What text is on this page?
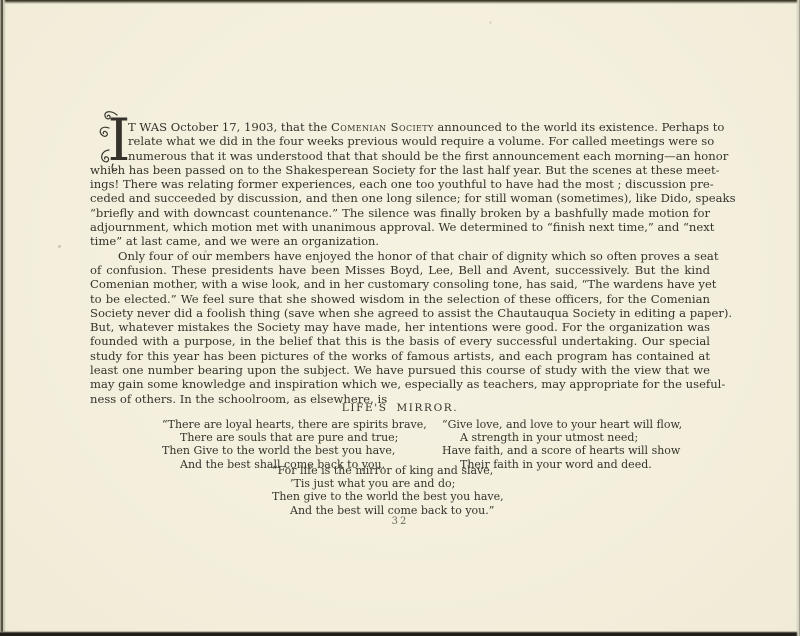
I
T WAS October 17, 1903, that the Comenian Society announced to the world its existence. Perhaps to
relate what we did in the four weeks previous would require a volume. For called meetings were so
numerous that it was understood that that should be the first announcement each morning—an honor
which has been passed on to the Shakesperean Society for the last half year. But the scenes at these meet-
ings! There was relating former experiences, each one too youthful to have had the most ; discussion pre-
ceded and succeeded by discussion, and then one long silence; for still woman (sometimes), like Dido, speaks
“briefly and with downcast countenance.” The silence was finally broken by a bashfully made motion for
adjournment, which motion met with unanimous approval. We determined to “finish next time,” and “next
time” at last came, and we were an organization.
Only four of our members have enjoyed the honor of that chair of dignity which so often proves a seat
of confusion. These presidents have been Misses Boyd, Lee, Bell and Avent, successively. But the kind
Comenian mother, with a wise look, and in her customary consoling tone, has said, “The wardens have yet
to be elected.” We feel sure that she showed wisdom in the selection of these officers, for the Comenian
Society never did a foolish thing (save when she agreed to assist the Chautauqua Society in editing a paper).
But, whatever mistakes the Society may have made, her intentions were good. For the organization was
founded with a purpose, in the belief that this is the basis of every successful undertaking. Our special
study for this year has been pictures of the works of famous artists, and each program has contained at
least one number bearing upon the subject. We have pursued this course of study with the view that we
may gain some knowledge and inspiration which we, especially as teachers, may appropriate for the useful-
ness of others. In the schoolroom, as elsewhere, is
LIFE'S MIRROR.
“There are loyal hearts, there are spirits brave,
There are souls that are pure and true;
Then Give to the world the best you have,
And the best shall come back to you.
“Give love, and love to your heart will flow,
A strength in your utmost need;
Have faith, and a score of hearts will show
Their faith in your word and deed.
“For life is the mirror of king and slave,
’Tis just what you are and do;
Then give to the world the best you have,
And the best will come back to you.”
32
